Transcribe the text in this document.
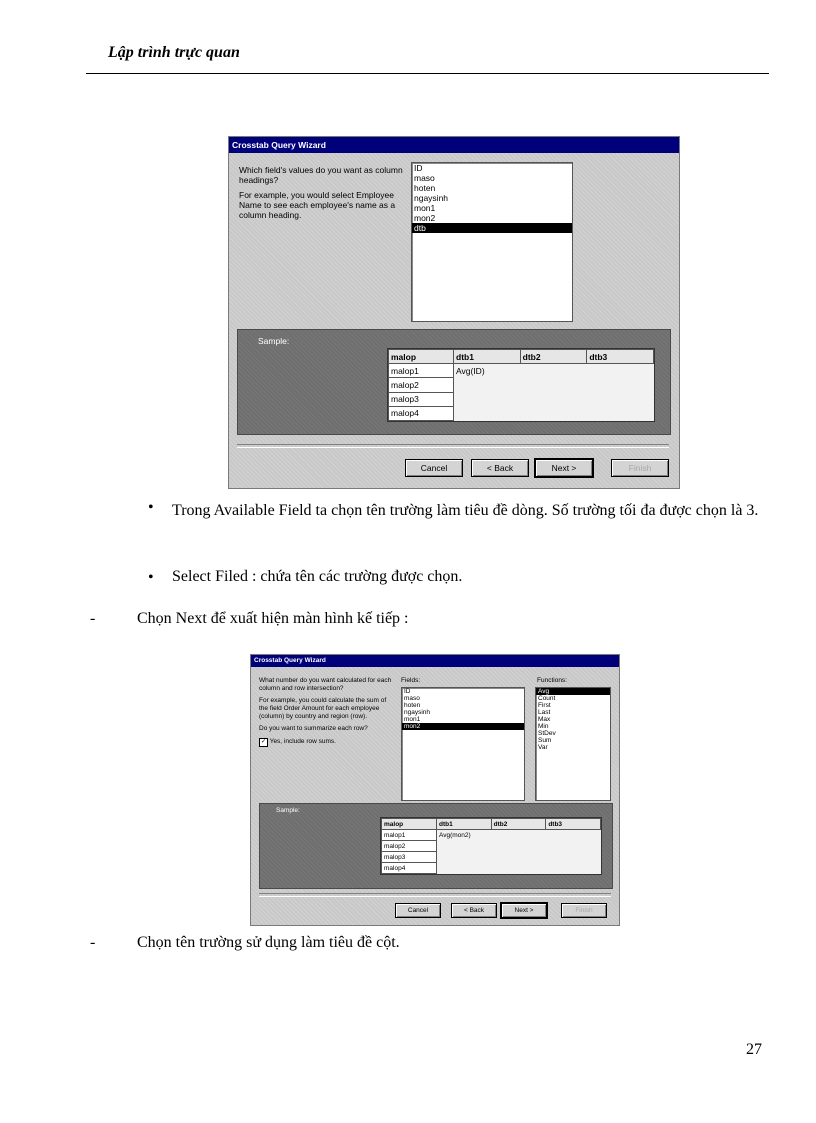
Lập trình trực quan
Crosstab Query Wizard

Which field's values do you want as column headings?

For example, you would select Employee Name to see each employee's name as a column heading.

ID
maso
hoten
ngaysinh
mon1
mon2
dtb
Sample:
malop	dtb1	dtb2	dtb3
malop1	Avg(ID)		
malop2			
malop3			
malop4			
Cancel	< Back	Next >	Finish
• Trong Available Field ta chọn tên trường làm tiêu đề dòng. Số trường tối đa được chọn là 3.
• Select Filed : chứa tên các trường được chọn.
-	Chọn Next để xuất hiện màn hình kế tiếp :
Crosstab Query Wizard

What number do you want calculated for each column and row intersection?

For example, you could calculate the sum of the field Order Amount for each employee (column) by country and region (row).

Do you want to summarize each row?

✓ Yes, include row sums.

Fields:
ID
maso
hoten
ngaysinh
mon1
mon2
Functions:
Avg
Count
First
Last
Max
Min
StDev
Sum
Var
Sample:
malop	dtb1	dtb2	dtb3
malop1	Avg(mon2)		
malop2			
malop3			
malop4			
Cancel	< Back	Next >	Finish
-	Chọn tên trường sử dụng làm tiêu đề cột.
27
